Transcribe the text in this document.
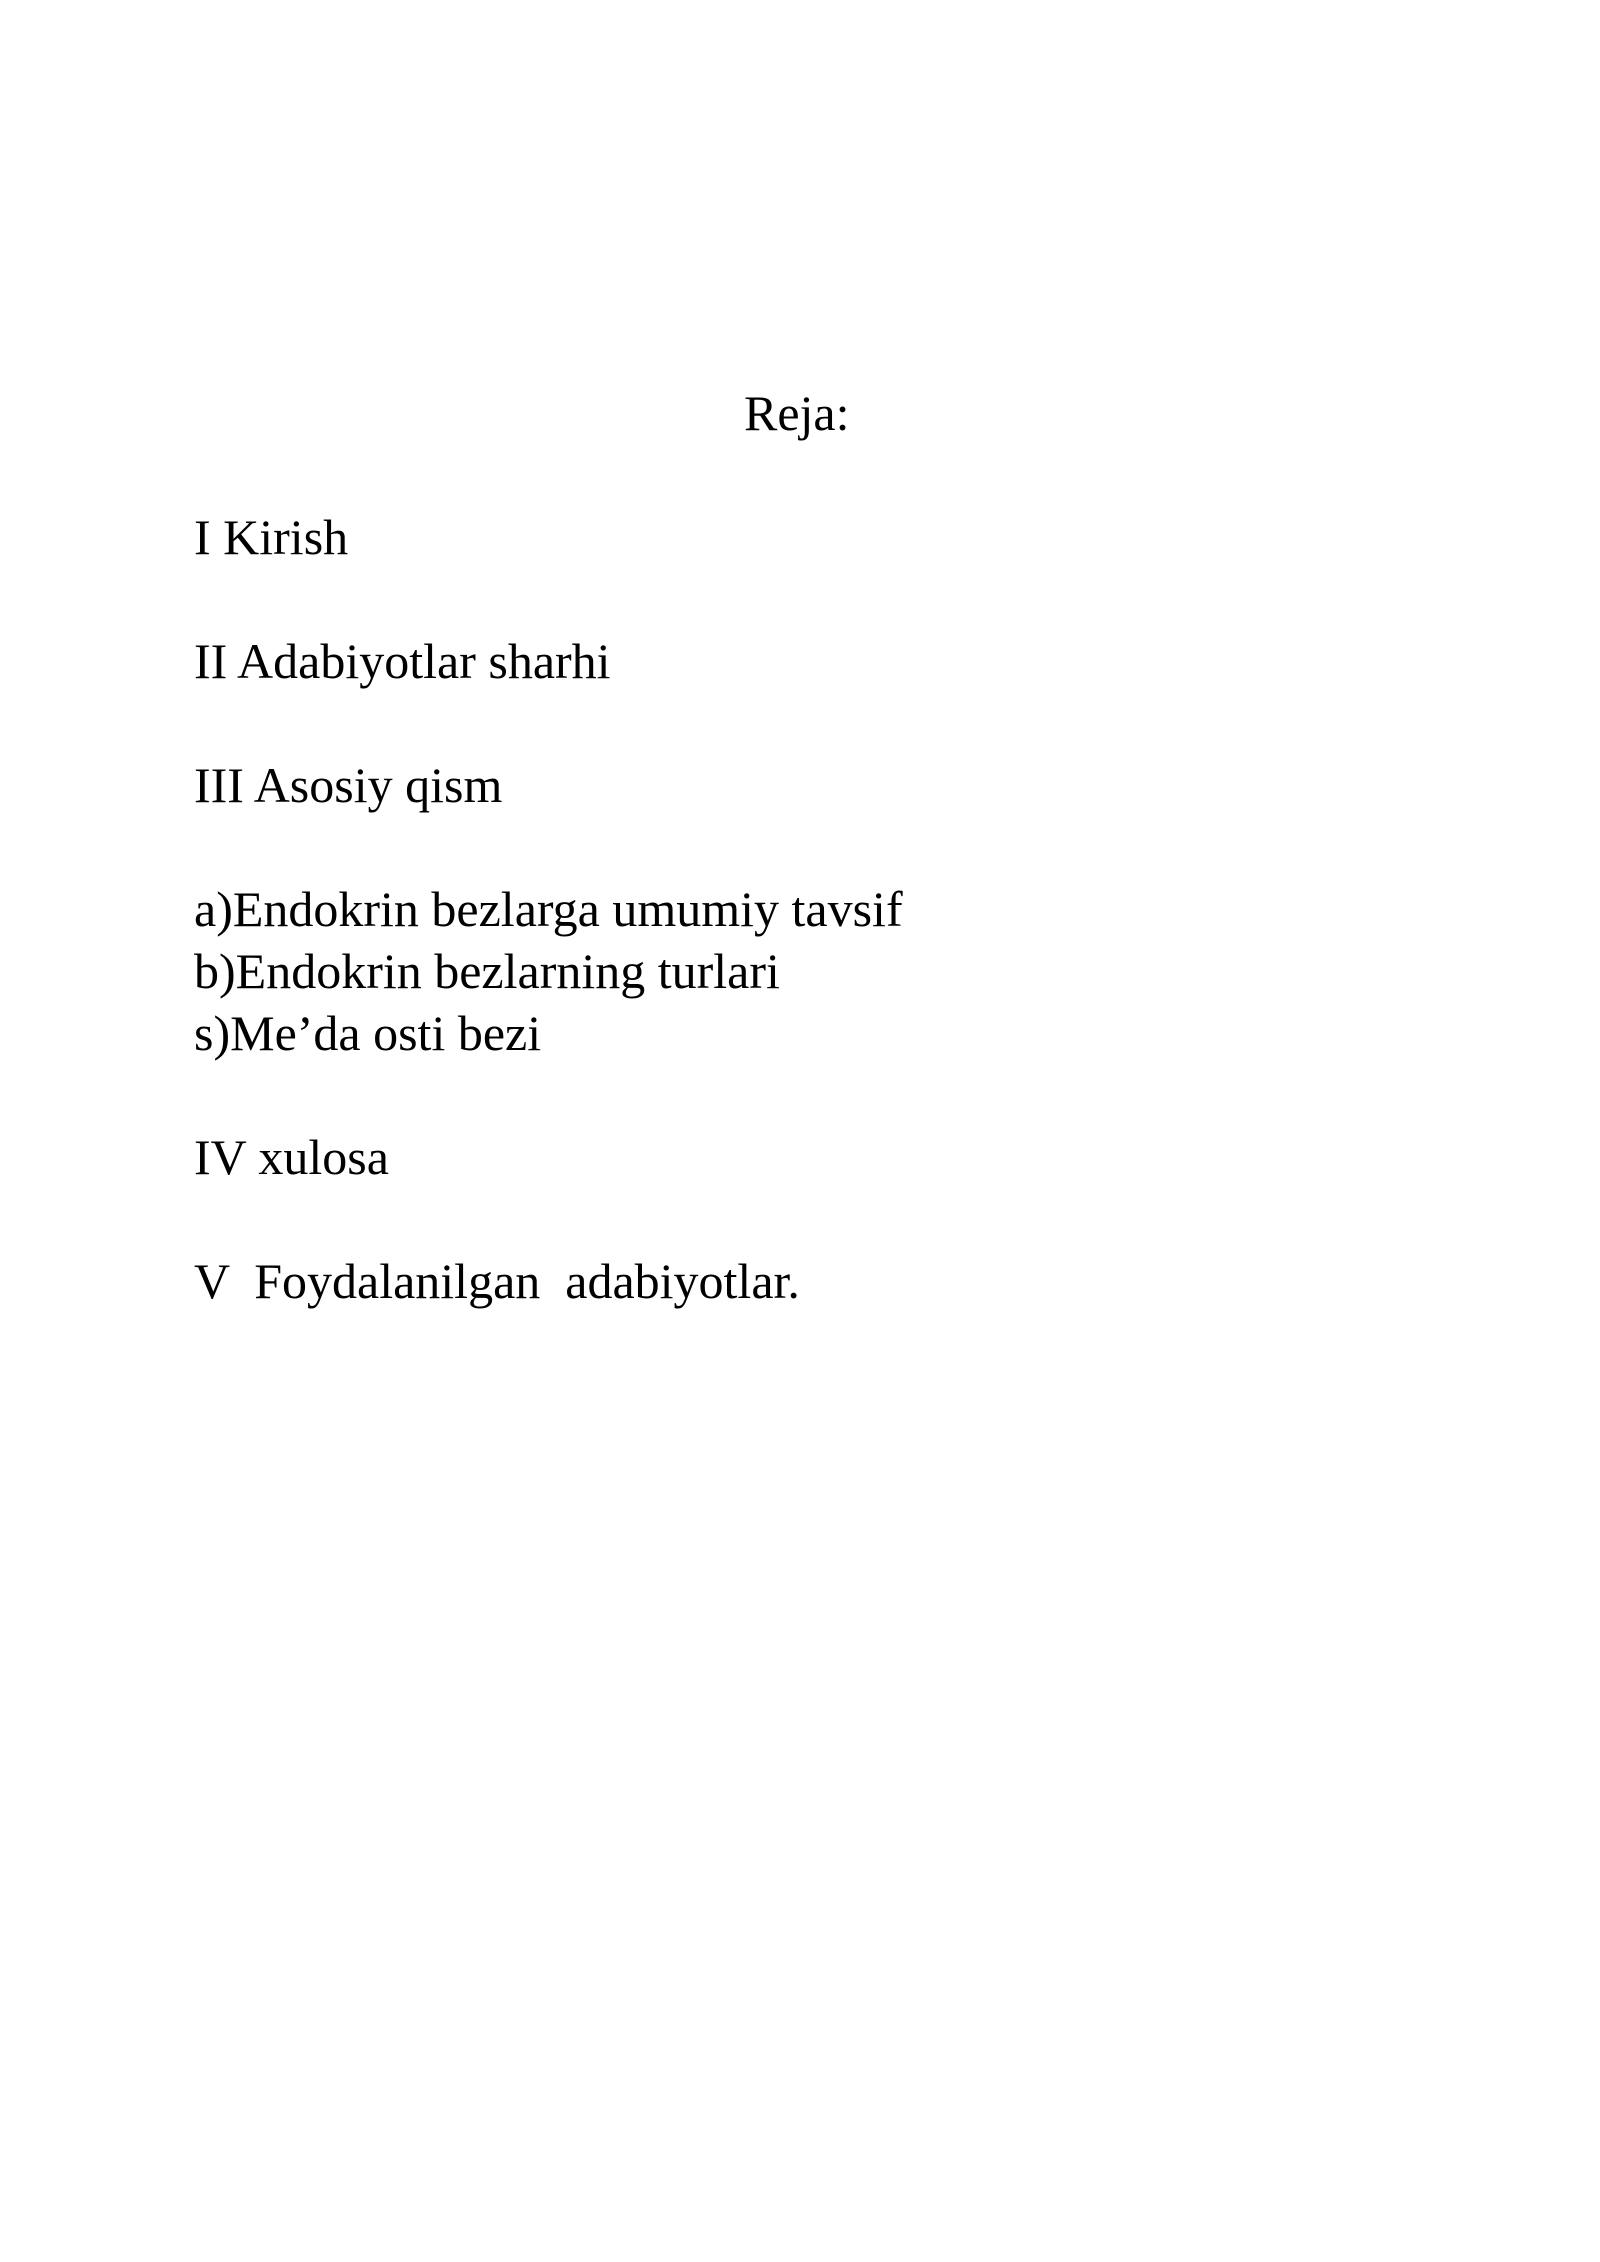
Reja:

I Kirish

II Adabiyotlar sharhi

III Asosiy qism

a)Endokrin bezlarga umumiy tavsif

b)Endokrin bezlarning turlari

s)Me’da osti bezi

IV xulosa

V  Foydalanilgan  adabiyotlar.
